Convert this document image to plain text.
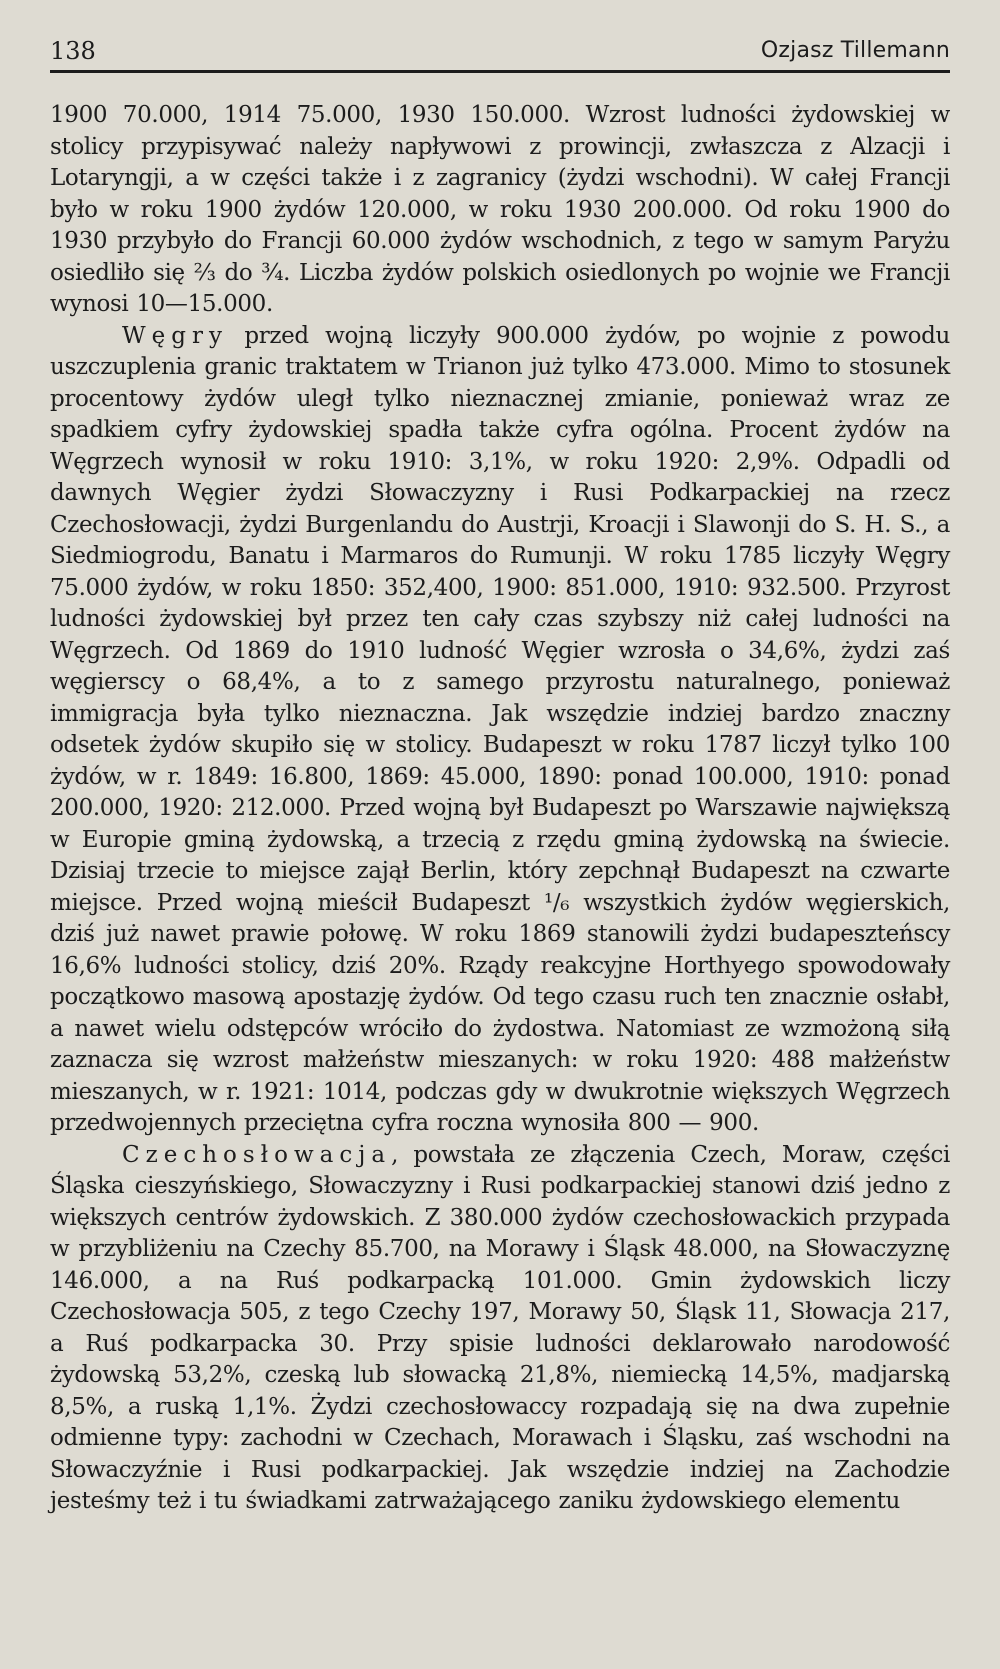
138	Ozjasz Tillemann

1900 70.000, 1914 75.000, 1930 150.000. Wzrost ludności żydowskiej w stolicy przypisywać należy napływowi z prowincji, zwłaszcza z Alzacji i Lotaryngji, a w części także i z zagranicy (żydzi wschodni). W całej Francji było w roku 1900 żydów 120.000, w roku 1930 200.000. Od roku 1900 do 1930 przybyło do Francji 60.000 żydów wschodnich, z tego w samym Paryżu osiedliło się ⅔ do ¾. Liczba żydów polskich osiedlonych po wojnie we Francji wynosi 10—15.000.

Węgry przed wojną liczyły 900.000 żydów, po wojnie z powodu uszczuplenia granic traktatem w Trianon już tylko 473.000. Mimo to stosunek procentowy żydów uległ tylko nieznacznej zmianie, ponieważ wraz ze spadkiem cyfry żydowskiej spadła także cyfra ogólna. Procent żydów na Węgrzech wynosił w roku 1910: 3,1%, w roku 1920: 2,9%. Odpadli od dawnych Węgier żydzi Słowaczyzny i Rusi Podkarpackiej na rzecz Czechosłowacji, żydzi Burgenlandu do Austrji, Kroacji i Slawonji do S. H. S., a Siedmiogrodu, Banatu i Marmaros do Rumunji. W roku 1785 liczyły Węgry 75.000 żydów, w roku 1850: 352,400, 1900: 851.000, 1910: 932.500. Przyrost ludności żydowskiej był przez ten cały czas szybszy niż całej ludności na Węgrzech. Od 1869 do 1910 ludność Węgier wzrosła o 34,6%, żydzi zaś węgierscy o 68,4%, a to z samego przyrostu naturalnego, ponieważ immigracja była tylko nieznaczna. Jak wszędzie indziej bardzo znaczny odsetek żydów skupiło się w stolicy. Budapeszt w roku 1787 liczył tylko 100 żydów, w r. 1849: 16.800, 1869: 45.000, 1890: ponad 100.000, 1910: ponad 200.000, 1920: 212.000. Przed wojną był Budapeszt po Warszawie największą w Europie gminą żydowską, a trzecią z rzędu gminą żydowską na świecie. Dzisiaj trzecie to miejsce zajął Berlin, który zepchnął Budapeszt na czwarte miejsce. Przed wojną mieścił Budapeszt ¹/₆ wszystkich żydów węgierskich, dziś już nawet prawie połowę. W roku 1869 stanowili żydzi budapeszteńscy 16,6% ludności stolicy, dziś 20%. Rządy reakcyjne Horthyego spowodowały początkowo masową apostazję żydów. Od tego czasu ruch ten znacznie osłabł, a nawet wielu odstępców wróciło do żydostwa. Natomiast ze wzmożoną siłą zaznacza się wzrost małżeństw mieszanych: w roku 1920: 488 małżeństw mieszanych, w r. 1921: 1014, podczas gdy w dwukrotnie większych Węgrzech przedwojennych przeciętna cyfra roczna wynosiła 800 — 900.

Czechosłowacja, powstała ze złączenia Czech, Moraw, części Śląska cieszyńskiego, Słowaczyzny i Rusi podkarpackiej stanowi dziś jedno z większych centrów żydowskich. Z 380.000 żydów czechosłowackich przypada w przybliżeniu na Czechy 85.700, na Morawy i Śląsk 48.000, na Słowaczyznę 146.000, a na Ruś podkarpacką 101.000. Gmin żydowskich liczy Czechosłowacja 505, z tego Czechy 197, Morawy 50, Śląsk 11, Słowacja 217, a Ruś podkarpacka 30. Przy spisie ludności deklarowało narodowość żydowską 53,2%, czeską lub słowacką 21,8%, niemiecką 14,5%, madjarską 8,5%, a ruską 1,1%. Żydzi czechosłowaccy rozpadają się na dwa zupełnie odmienne typy: zachodni w Czechach, Morawach i Śląsku, zaś wschodni na Słowaczyźnie i Rusi podkarpackiej. Jak wszędzie indziej na Zachodzie jesteśmy też i tu świadkami zatrważającego zaniku żydowskiego elementu
